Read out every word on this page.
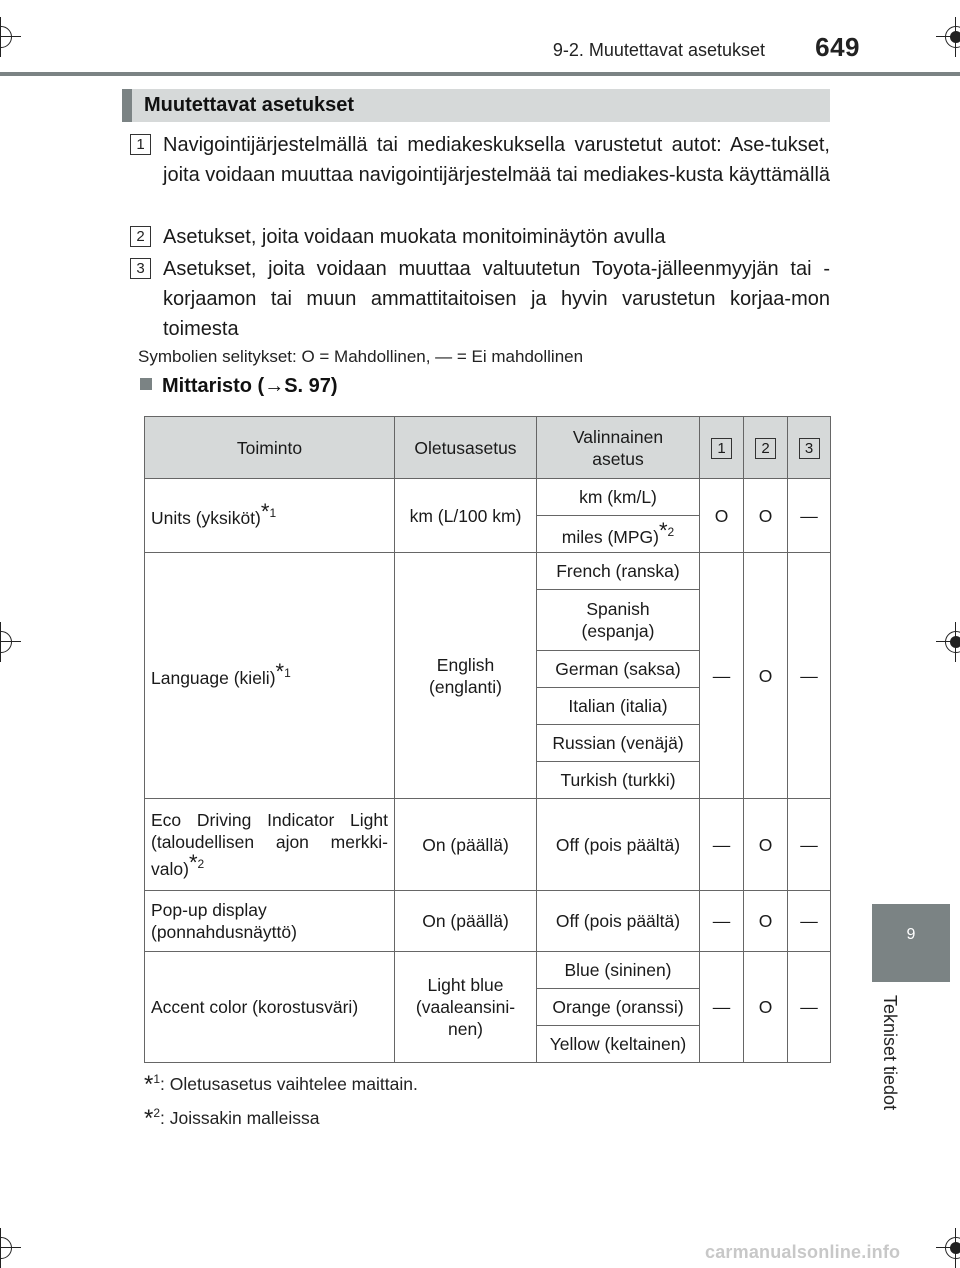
9-2. Muutettavat asetukset 649
9
Tekniset tiedot
Muutettavat asetukset
1 Navigointijärjestelmällä tai mediakeskuksella varustetut autot: Ase-tukset, joita voidaan muuttaa navigointijärjestelmää tai mediakes-kusta käyttämällä
2 Asetukset, joita voidaan muokata monitoiminäytön avulla
3 Asetukset, joita voidaan muuttaa valtuutetun Toyota-jälleenmyyjän tai -korjaamon tai muun ammattitaitoisen ja hyvin varustetun korjaa-mon toimesta
Symbolien selitykset: O = Mahdollinen, — = Ei mahdollinen
Mittaristo (→S. 97)
Toiminto	Oletusasetus	Valinnainen asetus	1	2	3
Units (yksiköt)$^{*1}$	km (L/100 km)	km (km/L)	O	O	—
		miles (MPG)$^{*2}$
Language (kieli)$^{*1}$	English (englanti)	French (ranska)	—	O	—
		Spanish (espanja)			
		German (saksa)			
		Italian (italia)			
		Russian (venäjä)			
		Turkish (turkki)			
Eco Driving Indicator Light (taloudellisen ajon merkki-valo)$^{*2}$	On (päällä)	Off (pois päältä)	—	O	—
Pop-up display (ponnahdusnäyttö)	On (päällä)	Off (pois päältä)	—	O	—
Accent color (korostusväri)	Light blue (vaaleansini-nen)	Blue (sininen)	—	O	—
		Orange (oranssi)			
		Yellow (keltainen)			
*$^1$: Oletusasetus vaihtelee maittain.
*$^2$: Joissakin malleissa
carmanualsonline.info
